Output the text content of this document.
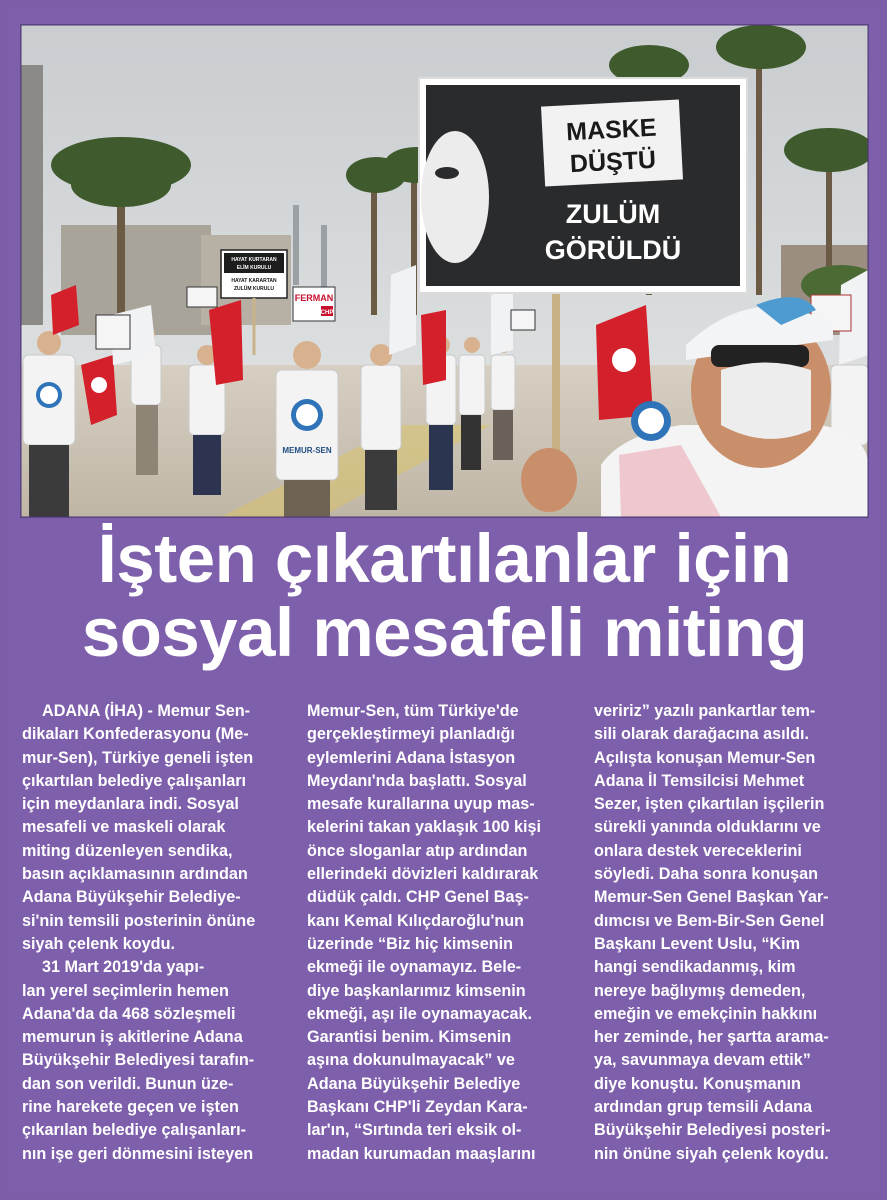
MEMUR-SEN
HAYAT KURTARAN
ELİM KURULU
HAYAT KARARTAN
ZULÜM KURULU
FERMAN
CHP
MASKE
DÜŞTÜ
ZULÜM
GÖRÜLDÜ
İşten çıkartılanlar için
sosyal mesafeli miting
ADANA (İHA) - Memur Sen-
dikaları Konfederasyonu (Me-
mur-Sen), Türkiye geneli işten
çıkartılan belediye çalışanları
için meydanlara indi. Sosyal
mesafeli ve maskeli olarak
miting düzenleyen sendika,
basın açıklamasının ardından
Adana Büyükşehir Belediye-
si'nin temsili posterinin önüne
siyah çelenk koydu.
31 Mart 2019'da yapı-
lan yerel seçimlerin hemen
Adana'da da 468 sözleşmeli
memurun iş akitlerine Adana
Büyükşehir Belediyesi tarafın-
dan son verildi. Bunun üze-
rine harekete geçen ve işten
çıkarılan belediye çalışanları-
nın işe geri dönmesini isteyen
Memur-Sen, tüm Türkiye'de
gerçekleştirmeyi planladığı
eylemlerini Adana İstasyon
Meydanı'nda başlattı. Sosyal
mesafe kurallarına uyup mas-
kelerini takan yaklaşık 100 kişi
önce sloganlar atıp ardından
ellerindeki dövizleri kaldırarak
düdük çaldı. CHP Genel Baş-
kanı Kemal Kılıçdaroğlu'nun
üzerinde “Biz hiç kimsenin
ekmeği ile oynamayız. Bele-
diye başkanlarımız kimsenin
ekmeği, aşı ile oynamayacak.
Garantisi benim. Kimsenin
aşına dokunulmayacak” ve
Adana Büyükşehir Belediye
Başkanı CHP'li Zeydan Kara-
lar'ın, “Sırtında teri eksik ol-
madan kurumadan maaşlarını
veririz” yazılı pankartlar tem-
sili olarak darağacına asıldı.
Açılışta konuşan Memur-Sen
Adana İl Temsilcisi Mehmet
Sezer, işten çıkartılan işçilerin
sürekli yanında olduklarını ve
onlara destek vereceklerini
söyledi. Daha sonra konuşan
Memur-Sen Genel Başkan Yar-
dımcısı ve Bem-Bir-Sen Genel
Başkanı Levent Uslu, “Kim
hangi sendikadanmış, kim
nereye bağlıymış demeden,
emeğin ve emekçinin hakkını
her zeminde, her şartta arama-
ya, savunmaya devam ettik”
diye konuştu. Konuşmanın
ardından grup temsili Adana
Büyükşehir Belediyesi posteri-
nin önüne siyah çelenk koydu.
